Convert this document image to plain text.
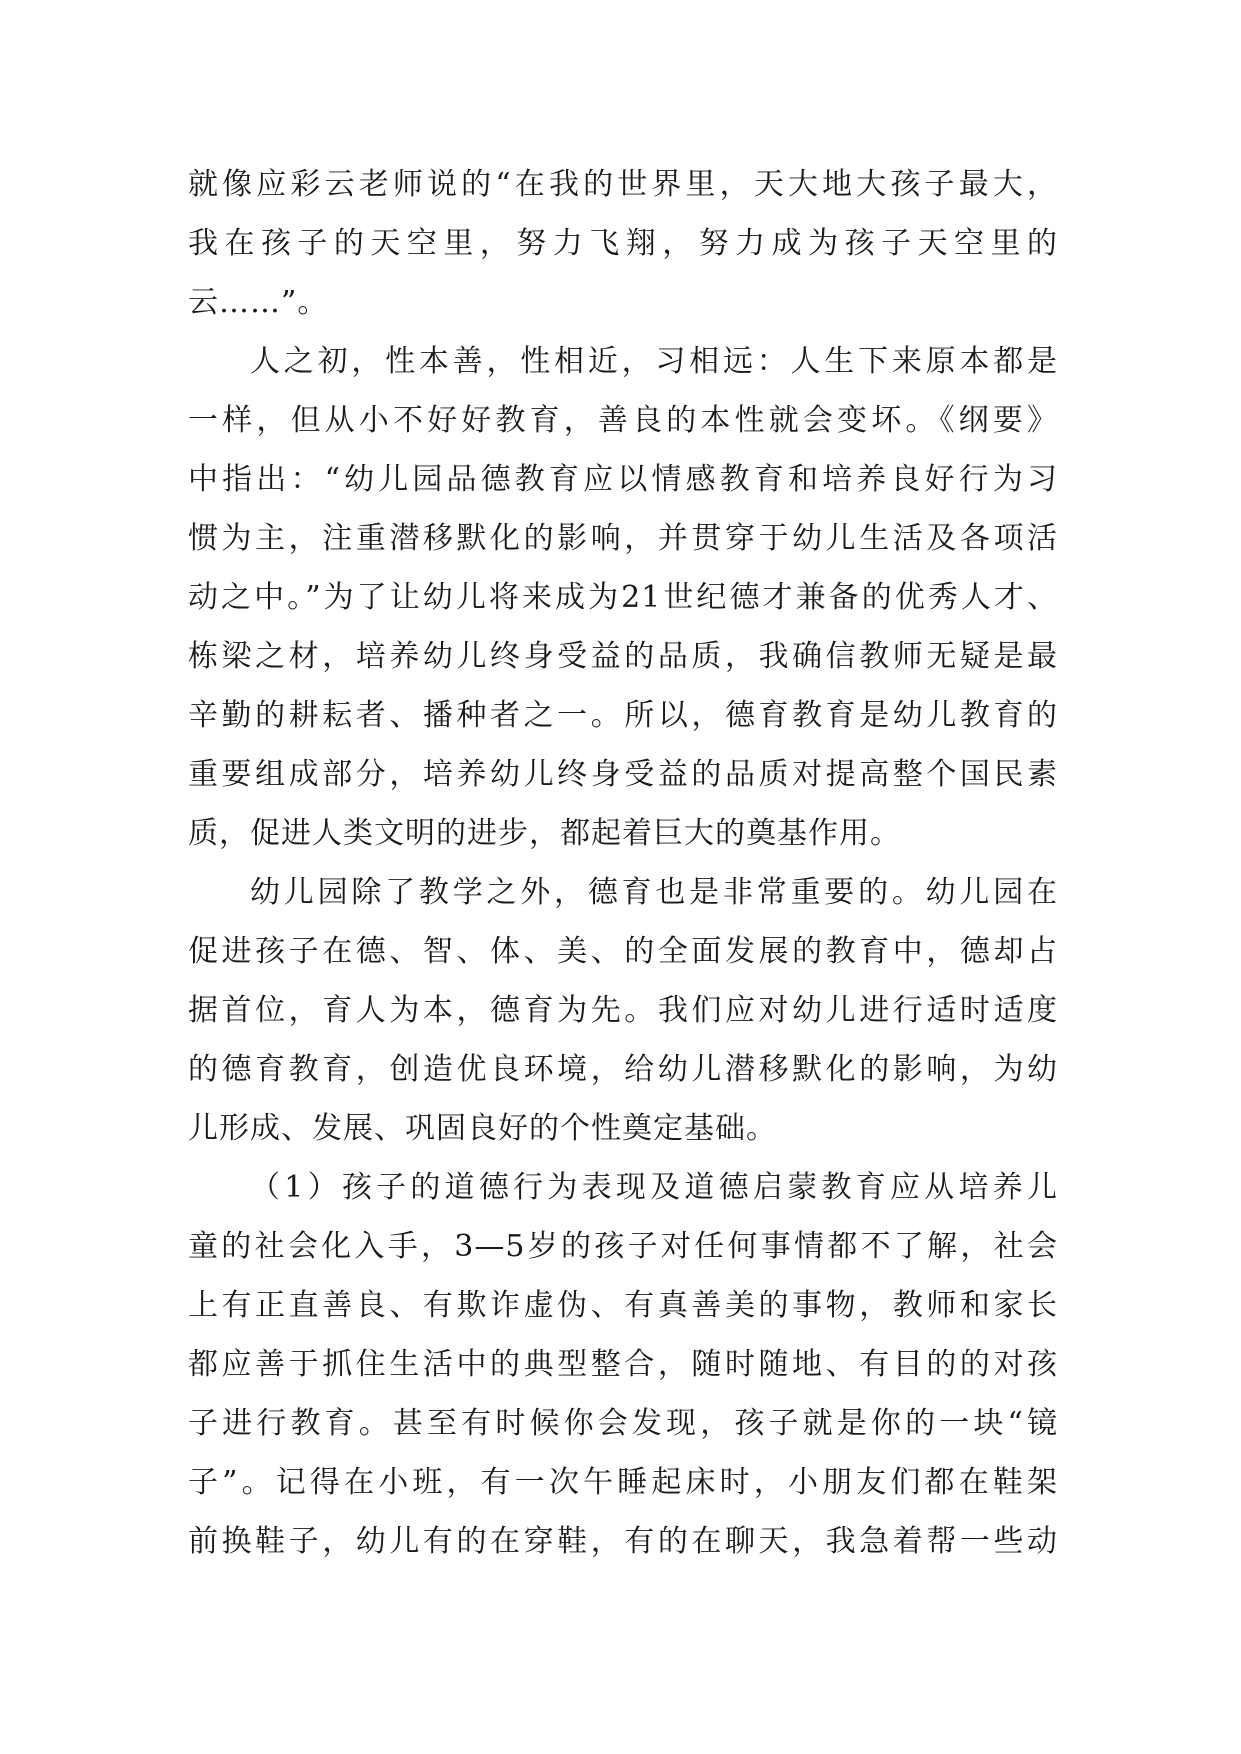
就像应彩云老师说的“在我的世界里，天大地大孩子最大，
我在孩子的天空里，努力飞翔，努力成为孩子天空里的
云……”。
人之初，性本善，性相近，习相远：人生下来原本都是
一样，但从小不好好教育，善良的本性就会变坏。《纲要》
中指出：“幼儿园品德教育应以情感教育和培养良好行为习
惯为主，注重潜移默化的影响，并贯穿于幼儿生活及各项活
动之中。”为了让幼儿将来成为21世纪德才兼备的优秀人才、
栋梁之材，培养幼儿终身受益的品质，我确信教师无疑是最
辛勤的耕耘者、播种者之一。所以，德育教育是幼儿教育的
重要组成部分，培养幼儿终身受益的品质对提高整个国民素
质，促进人类文明的进步，都起着巨大的奠基作用。
幼儿园除了教学之外，德育也是非常重要的。幼儿园在
促进孩子在德、智、体、美、的全面发展的教育中，德却占
据首位，育人为本，德育为先。我们应对幼儿进行适时适度
的德育教育，创造优良环境，给幼儿潜移默化的影响，为幼
儿形成、发展、巩固良好的个性奠定基础。
（1）孩子的道德行为表现及道德启蒙教育应从培养儿
童的社会化入手，3—5岁的孩子对任何事情都不了解，社会
上有正直善良、有欺诈虚伪、有真善美的事物，教师和家长
都应善于抓住生活中的典型整合，随时随地、有目的的对孩
子进行教育。甚至有时候你会发现，孩子就是你的一块“镜
子”。记得在小班，有一次午睡起床时，小朋友们都在鞋架
前换鞋子，幼儿有的在穿鞋，有的在聊天，我急着帮一些动
